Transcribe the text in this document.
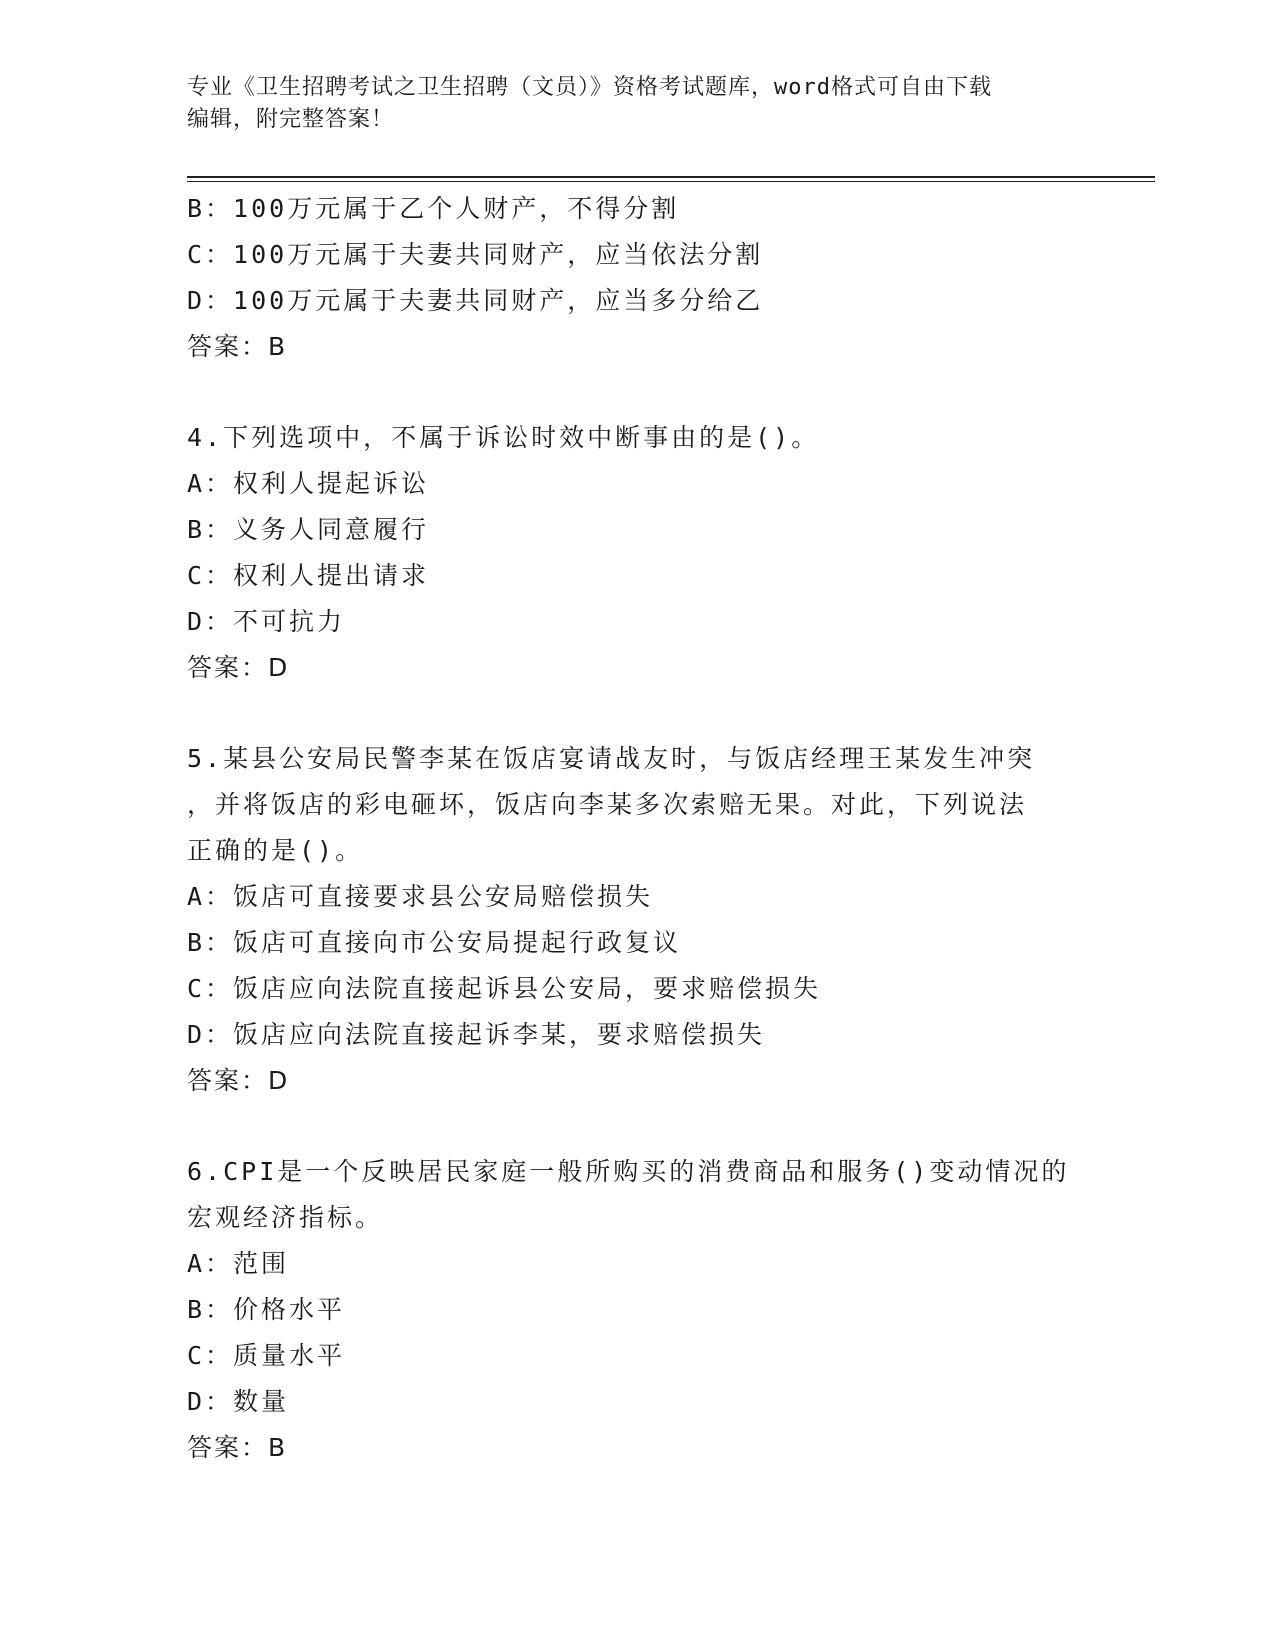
专业《卫生招聘考试之卫生招聘（文员）》资格考试题库，word格式可自由下载
编辑，附完整答案！
B：100万元属于乙个人财产，不得分割
C：100万元属于夫妻共同财产，应当依法分割
D：100万元属于夫妻共同财产，应当多分给乙
答案：B
4.下列选项中，不属于诉讼时效中断事由的是()。
A：权利人提起诉讼
B：义务人同意履行
C：权利人提出请求
D：不可抗力
答案：D
5.某县公安局民警李某在饭店宴请战友时，与饭店经理王某发生冲突
，并将饭店的彩电砸坏，饭店向李某多次索赔无果。对此，下列说法
正确的是()。
A：饭店可直接要求县公安局赔偿损失
B：饭店可直接向市公安局提起行政复议
C：饭店应向法院直接起诉县公安局，要求赔偿损失
D：饭店应向法院直接起诉李某，要求赔偿损失
答案：D
6.CPI是一个反映居民家庭一般所购买的消费商品和服务()变动情况的
宏观经济指标。
A：范围
B：价格水平
C：质量水平
D：数量
答案：B
